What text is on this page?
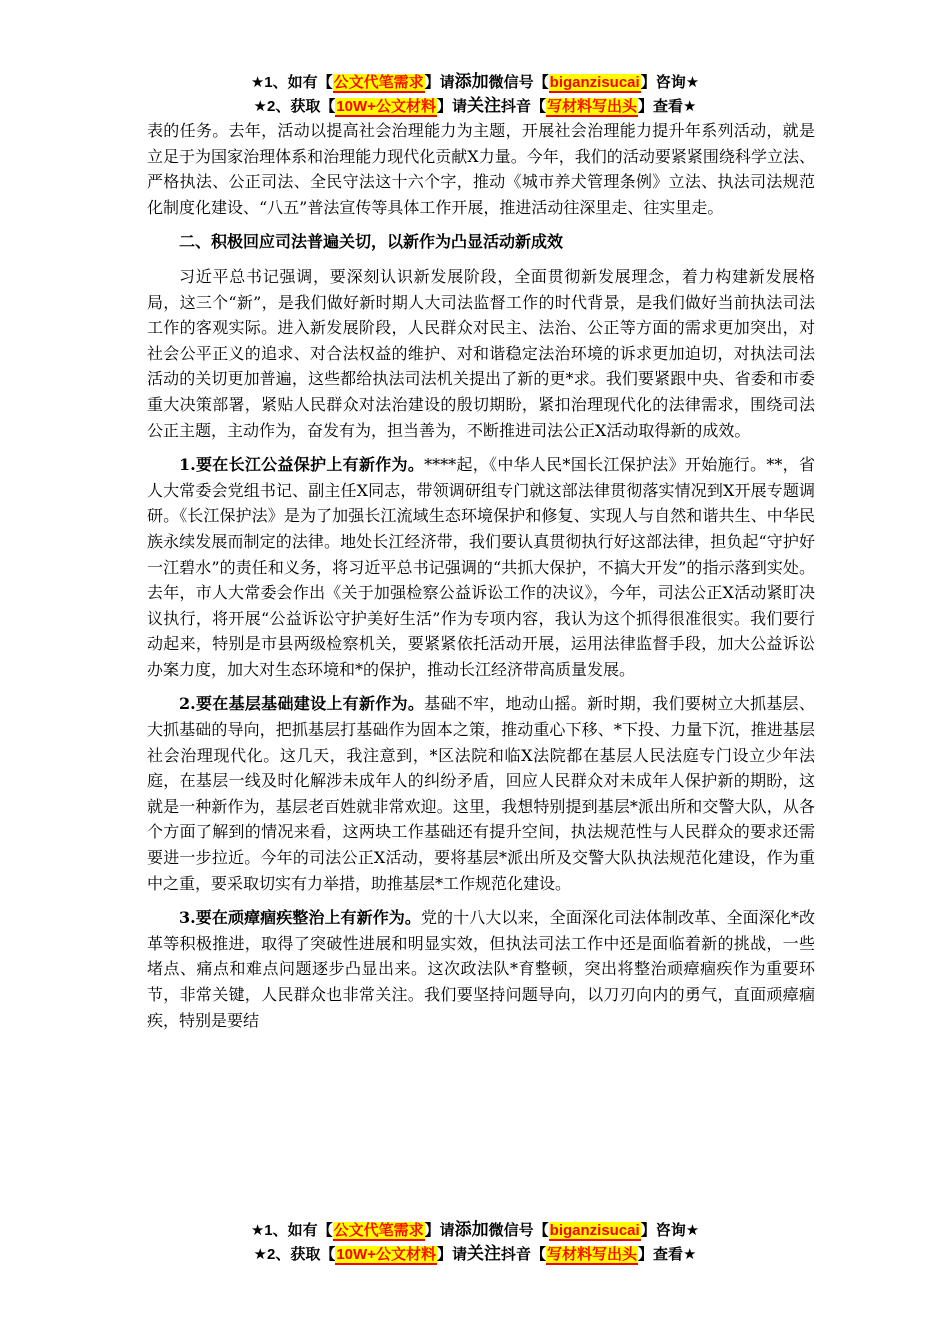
★1、如有【公文代笔需求】请添加微信号【biganzisucai】咨询★
★2、获取【10W+公文材料】请关注抖音【写材料写出头】查看★

表的任务。去年，活动以提高社会治理能力为主题，开展社会治理能力提升年系列活动，就是立足于为国家治理体系和治理能力现代化贡献X力量。今年，我们的活动要紧紧围绕科学立法、严格执法、公正司法、全民守法这十六个字，推动《城市养犬管理条例》立法、执法司法规范化制度化建设、“八五”普法宣传等具体工作开展，推进活动往深里走、往实里走。

二、积极回应司法普遍关切，以新作为凸显活动新成效

习近平总书记强调，要深刻认识新发展阶段，全面贯彻新发展理念，着力构建新发展格局，这三个“新”，是我们做好新时期人大司法监督工作的时代背景，是我们做好当前执法司法工作的客观实际。进入新发展阶段，人民群众对民主、法治、公正等方面的需求更加突出，对社会公平正义的追求、对合法权益的维护、对和谐稳定法治环境的诉求更加迫切，对执法司法活动的关切更加普遍，这些都给执法司法机关提出了新的更*求。我们要紧跟中央、省委和市委重大决策部署，紧贴人民群众对法治建设的殷切期盼，紧扣治理现代化的法律需求，围绕司法公正主题，主动作为，奋发有为，担当善为，不断推进司法公正X活动取得新的成效。

1.要在长江公益保护上有新作为。****起，《中华人民*国长江保护法》开始施行。**，省人大常委会党组书记、副主任X同志，带领调研组专门就这部法律贯彻落实情况到X开展专题调研。《长江保护法》是为了加强长江流域生态环境保护和修复、实现人与自然和谐共生、中华民族永续发展而制定的法律。地处长江经济带，我们要认真贯彻执行好这部法律，担负起“守护好一江碧水”的责任和义务，将习近平总书记强调的“共抓大保护，不搞大开发”的指示落到实处。去年，市人大常委会作出《关于加强检察公益诉讼工作的决议》，今年，司法公正X活动紧盯决议执行，将开展“公益诉讼守护美好生活”作为专项内容，我认为这个抓得很准很实。我们要行动起来，特别是市县两级检察机关，要紧紧依托活动开展，运用法律监督手段，加大公益诉讼办案力度，加大对生态环境和*的保护，推动长江经济带高质量发展。

2.要在基层基础建设上有新作为。基础不牢，地动山摇。新时期，我们要树立大抓基层、大抓基础的导向，把抓基层打基础作为固本之策，推动重心下移、*下投、力量下沉，推进基层社会治理现代化。这几天，我注意到，*区法院和临X法院都在基层人民法庭专门设立少年法庭，在基层一线及时化解涉未成年人的纠纷矛盾，回应人民群众对未成年人保护新的期盼，这就是一种新作为，基层老百姓就非常欢迎。这里，我想特别提到基层*派出所和交警大队，从各个方面了解到的情况来看，这两块工作基础还有提升空间，执法规范性与人民群众的要求还需要进一步拉近。今年的司法公正X活动，要将基层*派出所及交警大队执法规范化建设，作为重中之重，要采取切实有力举措，助推基层*工作规范化建设。

3.要在顽瘴痼疾整治上有新作为。党的十八大以来，全面深化司法体制改革、全面深化*改革等积极推进，取得了突破性进展和明显实效，但执法司法工作中还是面临着新的挑战，一些堵点、痛点和难点问题逐步凸显出来。这次政法队*育整顿，突出将整治顽瘴痼疾作为重要环节，非常关键，人民群众也非常关注。我们要坚持问题导向，以刀刃向内的勇气，直面顽瘴痼疾，特别是要结

★1、如有【公文代笔需求】请添加微信号【biganzisucai】咨询★
★2、获取【10W+公文材料】请关注抖音【写材料写出头】查看★
